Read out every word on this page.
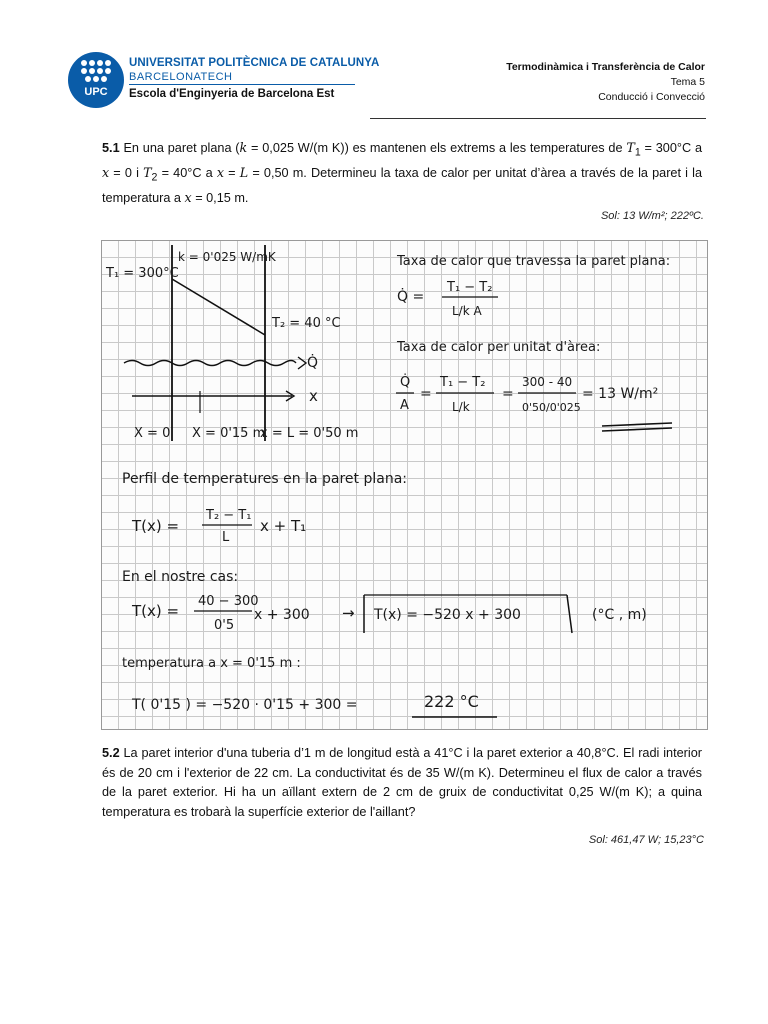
UPC
UNIVERSITAT POLITÈCNICA DE CATALUNYA
BARCELONATECH
Escola d'Enginyeria de Barcelona Est
Termodinàmica i Transferència de Calor
Tema 5
Conducció i Convecció
5.1 En una paret plana (k = 0,025 W/(m K)) es mantenen els extrems a les temperatures de $T_1 = 300^\circ C$ a x = 0 i $T_2 = 40^\circ C$ a x = L = 0,50 m. Determineu la taxa de calor per unitat d’àrea a través de la paret i la temperatura a x = 0,15 m.
Sol: 13 W/m²; 222ºC.
T₁ = 300°C
k = 0'025 W/mK
T₂ = 40 °C
Q̇
x
X = 0 X = 0'15 m
x = L = 0'50 m
Taxa de calor que travessa la paret plana:
Q̇ =
T₁ − T₂
L/k A
Taxa de calor per unitat d'àrea:
Q̇
A
=
T₁ − T₂
L/k
=
300 - 40
0'50/0'025
= 13 W/m²
Perfil de temperatures en la paret plana:
T(x) =
T₂ − T₁
L
x + T₁
En el nostre cas:
T(x) =
40 − 300
0'5
x + 300 → T(x) = −520 x + 300	(°C , m)
temperatura a x = 0'15 m :
T( 0'15 ) = −520 · 0'15 + 300 =	222 °C
5.2 La paret interior d'una tuberia d’1 m de longitud està a 41°C i la paret exterior a 40,8°C. El radi interior és de 20 cm i l'exterior de 22 cm. La conductivitat és de 35 W/(m K). Determineu el flux de calor a través de la paret exterior. Hi ha un aïllant extern de 2 cm de gruix de conductivitat 0,25 W/(m K); a quina temperatura es trobarà la superfície exterior de l'aillant?
Sol: 461,47 W; 15,23°C
